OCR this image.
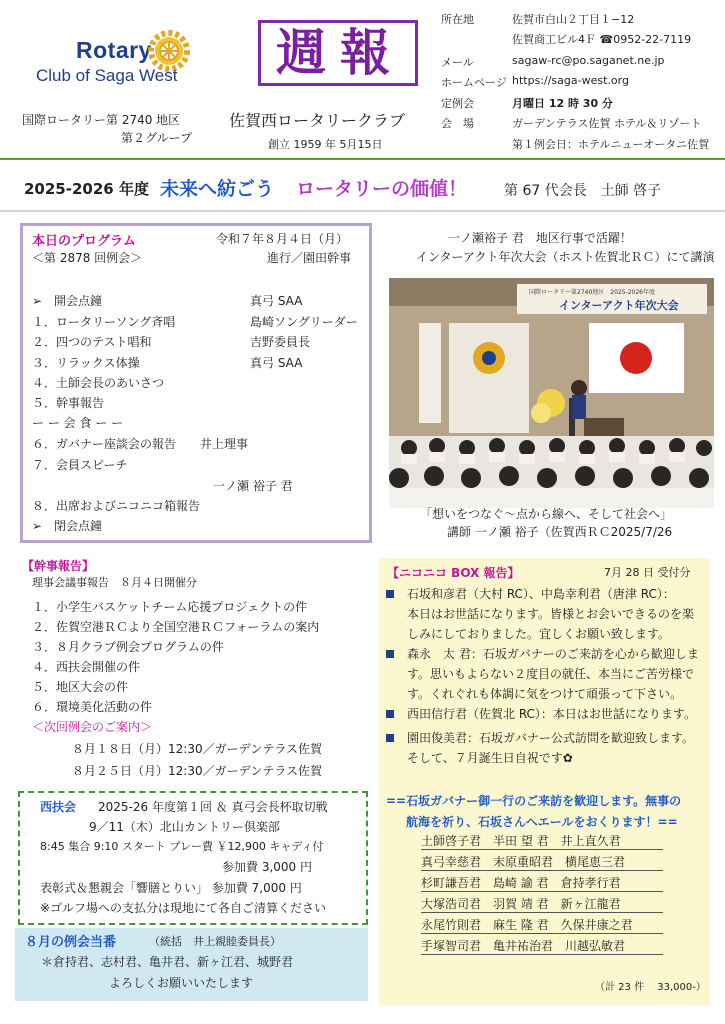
Rotary
Club of Saga West
国際ロータリー第 2740 地区
第２グループ
週報
佐賀西ロータリークラブ
創立 1959 年 5月15日
所在地	佐賀市白山２丁目１−12
佐賀商工ビル4Ｆ ☎0952-22-7119
メール	sagaw-rc@po.saganet.ne.jp
ホームページ https://saga-west.org
定例会	月曜日 12 時 30 分
会　場	ガーデンテラス佐賀 ホテル＆リゾート
第１例会日：ホテルニューオータニ佐賀
2025-2026 年度 未来へ紡ごう ロータリーの価値！	第 67 代会長　土師 啓子
本日のプログラム	令和７年８月４日（月）
＜第 2878 回例会＞	進行／園田幹事
➢　開会点鐘	真弓 SAA
１．ロータリーソング斉唱	島崎ソングリーダー
２．四つのテスト唱和	吉野委員長
３．リラックス体操	真弓 SAA
４．土師会長のあいさつ
５．幹事報告
ー ー 会 食 ー ー
６．ガバナー座談会の報告　　井上理事
７．会員スピーチ
一ノ瀬 裕子 君
８．出席およびニコニコ箱報告
➢　閉会点鐘
一ノ瀬裕子 君　地区行事で活躍！
インターアクト年次大会（ホスト佐賀北ＲＣ）にて講演
国際ロータリー第2740地区　2025-2026年度
インターアクト年次大会
「想いをつなぐ～点から線へ、そして社会へ」
講師 一ノ瀬 裕子（佐賀西ＲＣ2025/7/26
【幹事報告】
理事会議事報告　８月４日開催分
１．小学生バスケットチーム応援プロジェクトの件
２．佐賀空港ＲＣより全国空港ＲＣフォーラムの案内
３．８月クラブ例会プログラムの件
４．西扶会開催の件
５．地区大会の件
６．環境美化活動の件
＜次回例会のご案内＞
８月１８日（月）12:30／ガーデンテラス佐賀
８月２５日（月）12:30／ガーデンテラス佐賀
西扶会 2025-26 年度第１回 ＆ 真弓会長杯取切戦
9／11（木）北山カントリー倶楽部
8:45 集合 9:10 スタート プレー費 ￥12,900 キャディ付
参加費 3,000 円
表彰式＆懇親会「響膳とりい」 参加費 7,000 円
※ゴルフ場への支払分は現地にて各自ご清算ください
８月の例会当番	（統括　井上親睦委員長）
＊倉持君、志村君、亀井君、新ヶ江君、城野君
よろしくお願いいたします
【ニコニコ BOX 報告】	7月 28 日 受付分
石坂和彦君（大村 RC）、中島幸利君（唐津 RC）：
本日はお世話になります。皆様とお会いできるのを楽
しみにしておりました。宜しくお願い致します。
森永　太 君：石坂ガバナーのご来訪を心から歓迎しま
す。思いもよらない２度目の就任、本当にご苦労様で
す。くれぐれも体調に気をつけて頑張って下さい。
西田信行君（佐賀北 RC）：本日はお世話になります。
園田俊美君：石坂ガバナー公式訪問を歓迎致します。
そして、７月誕生日自祝です✿
==石坂ガバナー御一行のご来訪を歓迎します。無事の
航海を祈り、石坂さんへエールをおくります！==
土師啓子君　半田 望 君　井上直久君
真弓幸慈君　末原重昭君　横尾恵三君
杉町謙吾君　島崎 諭 君　倉持孝行君
大塚浩司君　羽賀 靖 君　新ヶ江龍君
永尾竹則君　麻生 隆 君　久保井康之君
手塚智司君　亀井祐治君　川越弘敏君
（計 23 件　 33,000-）
